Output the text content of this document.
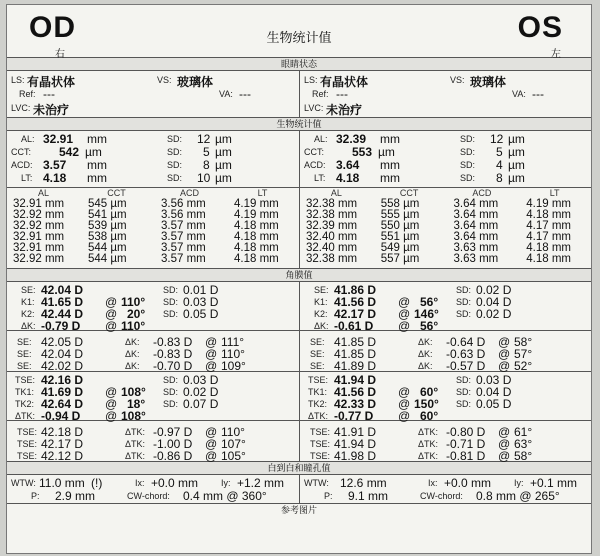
OD
右
生物统计值	OS
左
眼睛状态
LS: 有晶状体	VS: 玻璃体
Ref: ---	VA: ---
LVC: 未治疗
LS: 有晶状体	VS: 玻璃体
Ref: ---	VA: ---
LVC: 未治疗
生物统计值
AL: 32.91 mm	SD: 12 µm
CCT: 542 µm	SD: 5 µm
ACD: 3.57 mm	SD: 8 µm
LT: 4.18 mm	SD: 10 µm
AL: 32.39 mm	SD: 12 µm
CCT: 553 µm	SD: 5 µm
ACD: 3.64 mm	SD: 4 µm
LT: 4.18 mm	SD: 8 µm
AL	CCT	ACD	LT
32.91 mm	545 µm	3.56 mm	4.19 mm
32.92 mm	541 µm	3.56 mm	4.19 mm
32.92 mm	539 µm	3.57 mm	4.18 mm
32.91 mm	538 µm	3.57 mm	4.18 mm
32.91 mm	544 µm	3.57 mm	4.18 mm
32.92 mm	544 µm	3.57 mm	4.18 mm
AL	CCT	ACD	LT
32.38 mm	558 µm	3.64 mm	4.19 mm
32.38 mm	555 µm	3.64 mm	4.18 mm
32.39 mm	550 µm	3.64 mm	4.17 mm
32.40 mm	551 µm	3.64 mm	4.17 mm
32.40 mm	549 µm	3.63 mm	4.18 mm
32.38 mm	557 µm	3.63 mm	4.18 mm
角膜值
SE: 42.04 D	SD: 0.01 D
K1: 41.65 D @ 110° SD: 0.03 D
K2: 42.44 D @ 20° SD: 0.05 D
ΔK: -0.79 D @ 110°
SE: 41.86 D	SD: 0.02 D
K1: 41.56 D @ 56° SD: 0.04 D
K2: 42.17 D @ 146° SD: 0.02 D
ΔK: -0.61 D @ 56°
SE: 42.05 D	ΔK: -0.83 D @ 111°
SE: 42.04 D	ΔK: -0.83 D @ 110°
SE: 42.02 D	ΔK: -0.70 D @ 109°
SE: 41.85 D	ΔK: -0.64 D @ 58°
SE: 41.85 D	ΔK: -0.63 D @ 57°
SE: 41.89 D	ΔK: -0.57 D @ 52°
TSE: 42.16 D	SD: 0.03 D
TK1: 41.69 D @ 108° SD: 0.02 D
TK2: 42.64 D @ 18° SD: 0.07 D
ΔTK: -0.94 D @ 108°
TSE: 41.94 D	SD: 0.03 D
TK1: 41.56 D @ 60° SD: 0.04 D
TK2: 42.33 D @ 150° SD: 0.05 D
ΔTK: -0.77 D @ 60°
TSE: 42.18 D	ΔTK: -0.97 D @ 110°
TSE: 42.17 D	ΔTK: -1.00 D @ 107°
TSE: 42.12 D	ΔTK: -0.86 D @ 105°
TSE: 41.91 D	ΔTK: -0.80 D @ 61°
TSE: 41.94 D	ΔTK: -0.71 D @ 63°
TSE: 41.98 D	ΔTK: -0.81 D @ 58°
白到白和瞳孔值
WTW: 11.0 mm (!)	Ix: +0.0 mm	Iy: +1.2 mm
P: 2.9 mm	CW-chord: 0.4 mm @ 360°
WTW: 12.6 mm	Ix: +0.0 mm	Iy: +0.1 mm
P: 9.1 mm	CW-chord: 0.8 mm @ 265°
参考图片
